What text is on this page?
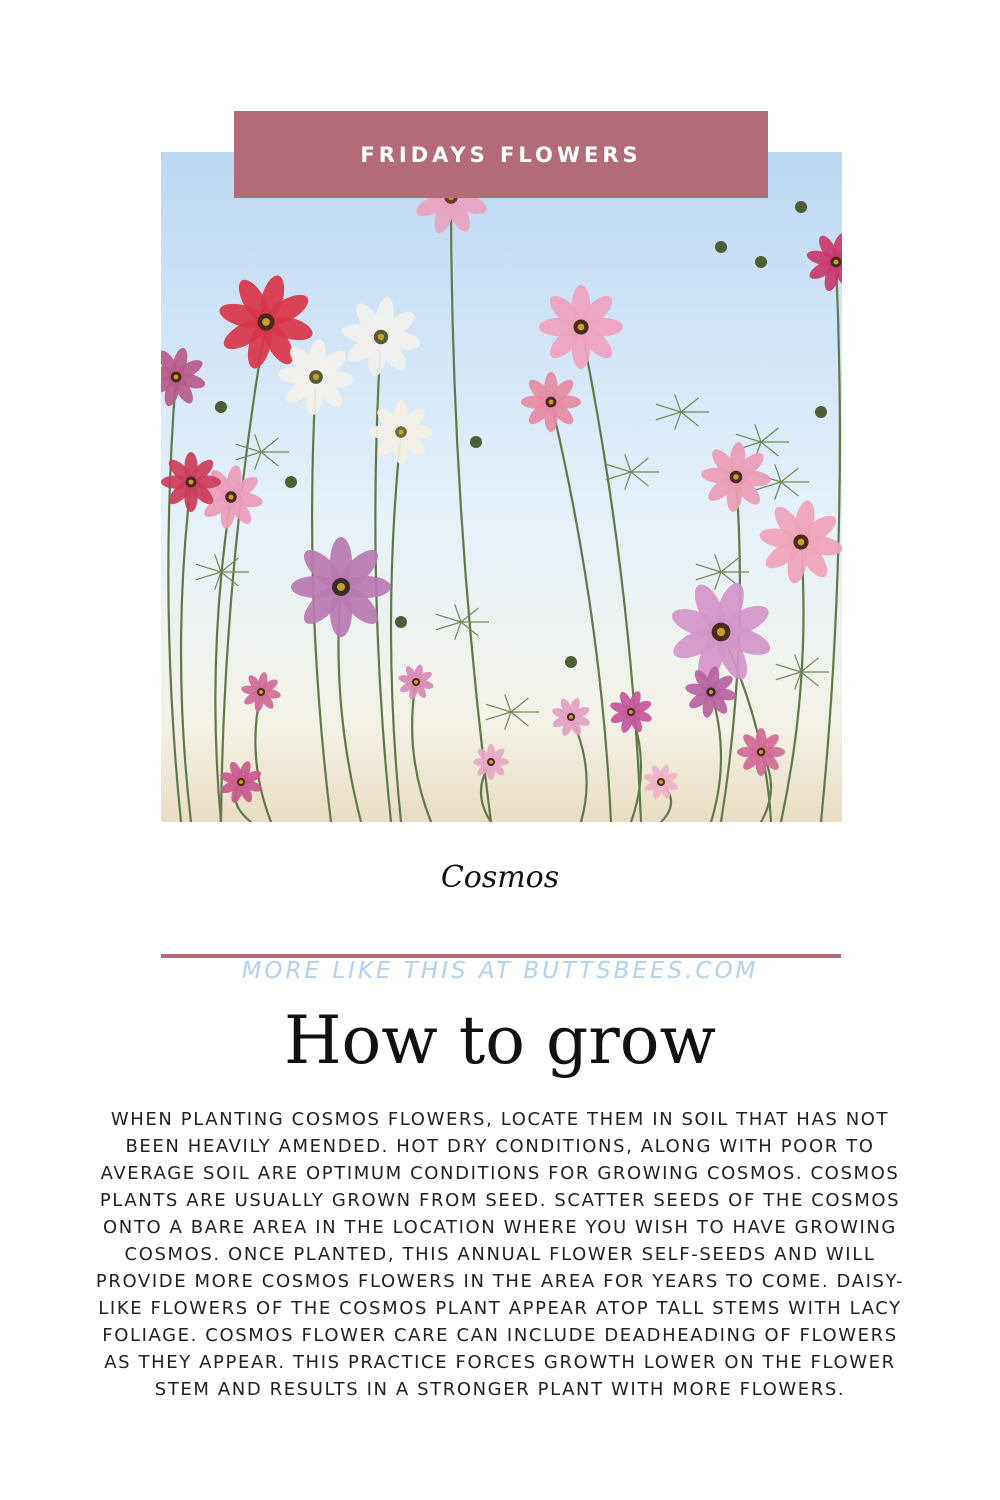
FRIDAYS FLOWERS
Cosmos
MORE LIKE THIS AT BUTTSBEES.COM
How to grow

WHEN PLANTING COSMOS FLOWERS, LOCATE THEM IN SOIL THAT HAS NOT BEEN HEAVILY AMENDED. HOT DRY CONDITIONS, ALONG WITH POOR TO AVERAGE SOIL ARE OPTIMUM CONDITIONS FOR GROWING COSMOS. COSMOS PLANTS ARE USUALLY GROWN FROM SEED. SCATTER SEEDS OF THE COSMOS ONTO A BARE AREA IN THE LOCATION WHERE YOU WISH TO HAVE GROWING COSMOS. ONCE PLANTED, THIS ANNUAL FLOWER SELF-SEEDS AND WILL PROVIDE MORE COSMOS FLOWERS IN THE AREA FOR YEARS TO COME. DAISY-LIKE FLOWERS OF THE COSMOS PLANT APPEAR ATOP TALL STEMS WITH LACY FOLIAGE. COSMOS FLOWER CARE CAN INCLUDE DEADHEADING OF FLOWERS AS THEY APPEAR. THIS PRACTICE FORCES GROWTH LOWER ON THE FLOWER STEM AND RESULTS IN A STRONGER PLANT WITH MORE FLOWERS.
